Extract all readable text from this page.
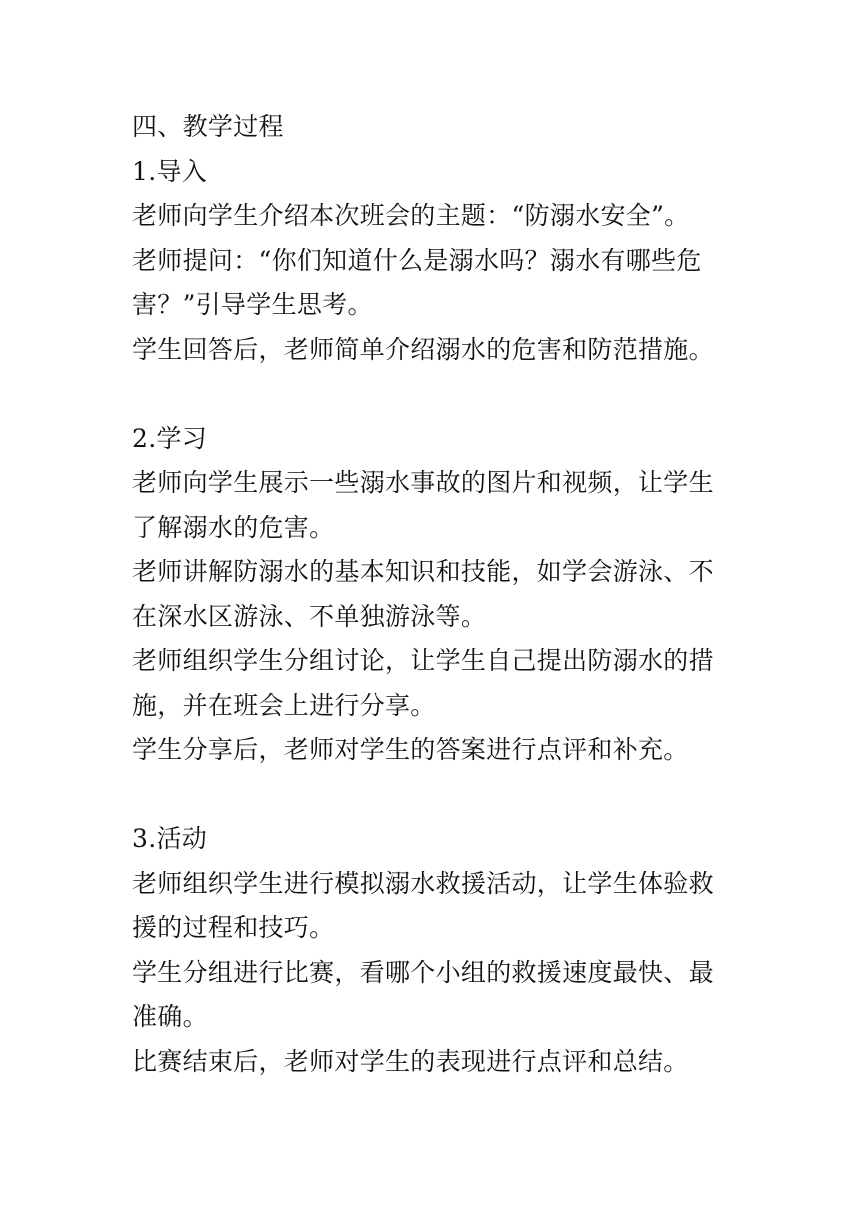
四、教学过程
1.导入
老师向学生介绍本次班会的主题：“防溺水安全”。
老师提问：“你们知道什么是溺水吗？溺水有哪些危
害？”引导学生思考。
学生回答后，老师简单介绍溺水的危害和防范措施。
2.学习
老师向学生展示一些溺水事故的图片和视频，让学生
了解溺水的危害。
老师讲解防溺水的基本知识和技能，如学会游泳、不
在深水区游泳、不单独游泳等。
老师组织学生分组讨论，让学生自己提出防溺水的措
施，并在班会上进行分享。
学生分享后，老师对学生的答案进行点评和补充。
3.活动
老师组织学生进行模拟溺水救援活动，让学生体验救
援的过程和技巧。
学生分组进行比赛，看哪个小组的救援速度最快、最
准确。
比赛结束后，老师对学生的表现进行点评和总结。
